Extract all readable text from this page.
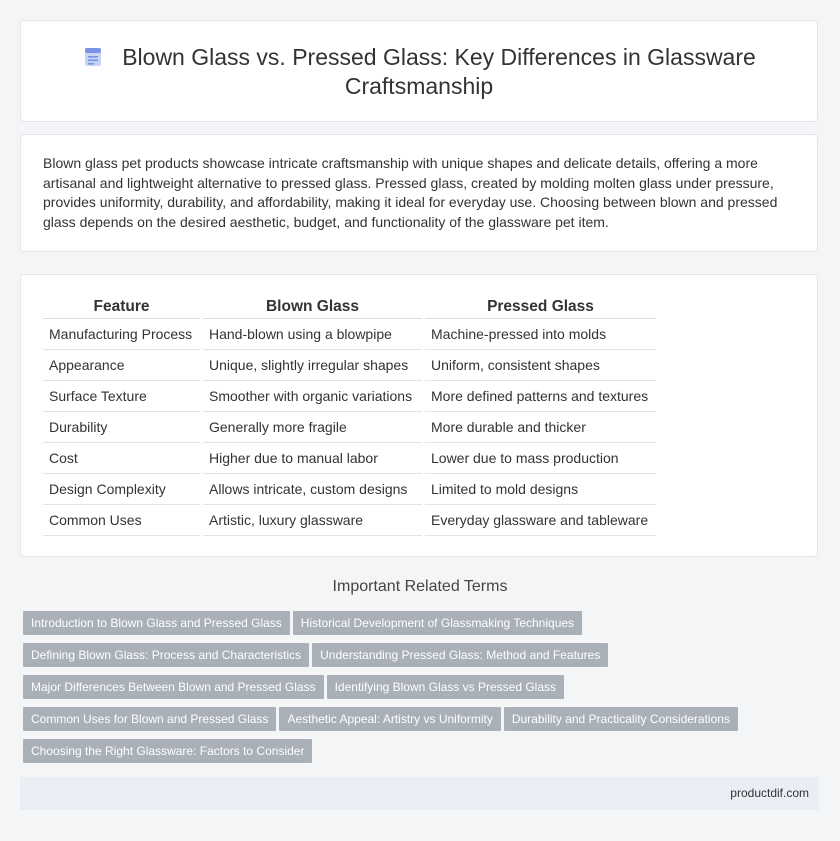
Blown Glass vs. Pressed Glass: Key Differences in Glassware Craftsmanship
Blown glass pet products showcase intricate craftsmanship with unique shapes and delicate details, offering a more artisanal and lightweight alternative to pressed glass. Pressed glass, created by molding molten glass under pressure, provides uniformity, durability, and affordability, making it ideal for everyday use. Choosing between blown and pressed glass depends on the desired aesthetic, budget, and functionality of the glassware pet item.
Feature	Blown Glass	Pressed Glass
Manufacturing Process	Hand-blown using a blowpipe	Machine-pressed into molds
Appearance	Unique, slightly irregular shapes	Uniform, consistent shapes
Surface Texture	Smoother with organic variations	More defined patterns and textures
Durability	Generally more fragile	More durable and thicker
Cost	Higher due to manual labor	Lower due to mass production
Design Complexity	Allows intricate, custom designs	Limited to mold designs
Common Uses	Artistic, luxury glassware	Everyday glassware and tableware
Important Related Terms
Introduction to Blown Glass and Pressed Glass Historical Development of Glassmaking Techniques
Defining Blown Glass: Process and Characteristics Understanding Pressed Glass: Method and Features
Major Differences Between Blown and Pressed Glass Identifying Blown Glass vs Pressed Glass
Common Uses for Blown and Pressed Glass Aesthetic Appeal: Artistry vs Uniformity Durability and Practicality Considerations
Choosing the Right Glassware: Factors to Consider
productdif.com
